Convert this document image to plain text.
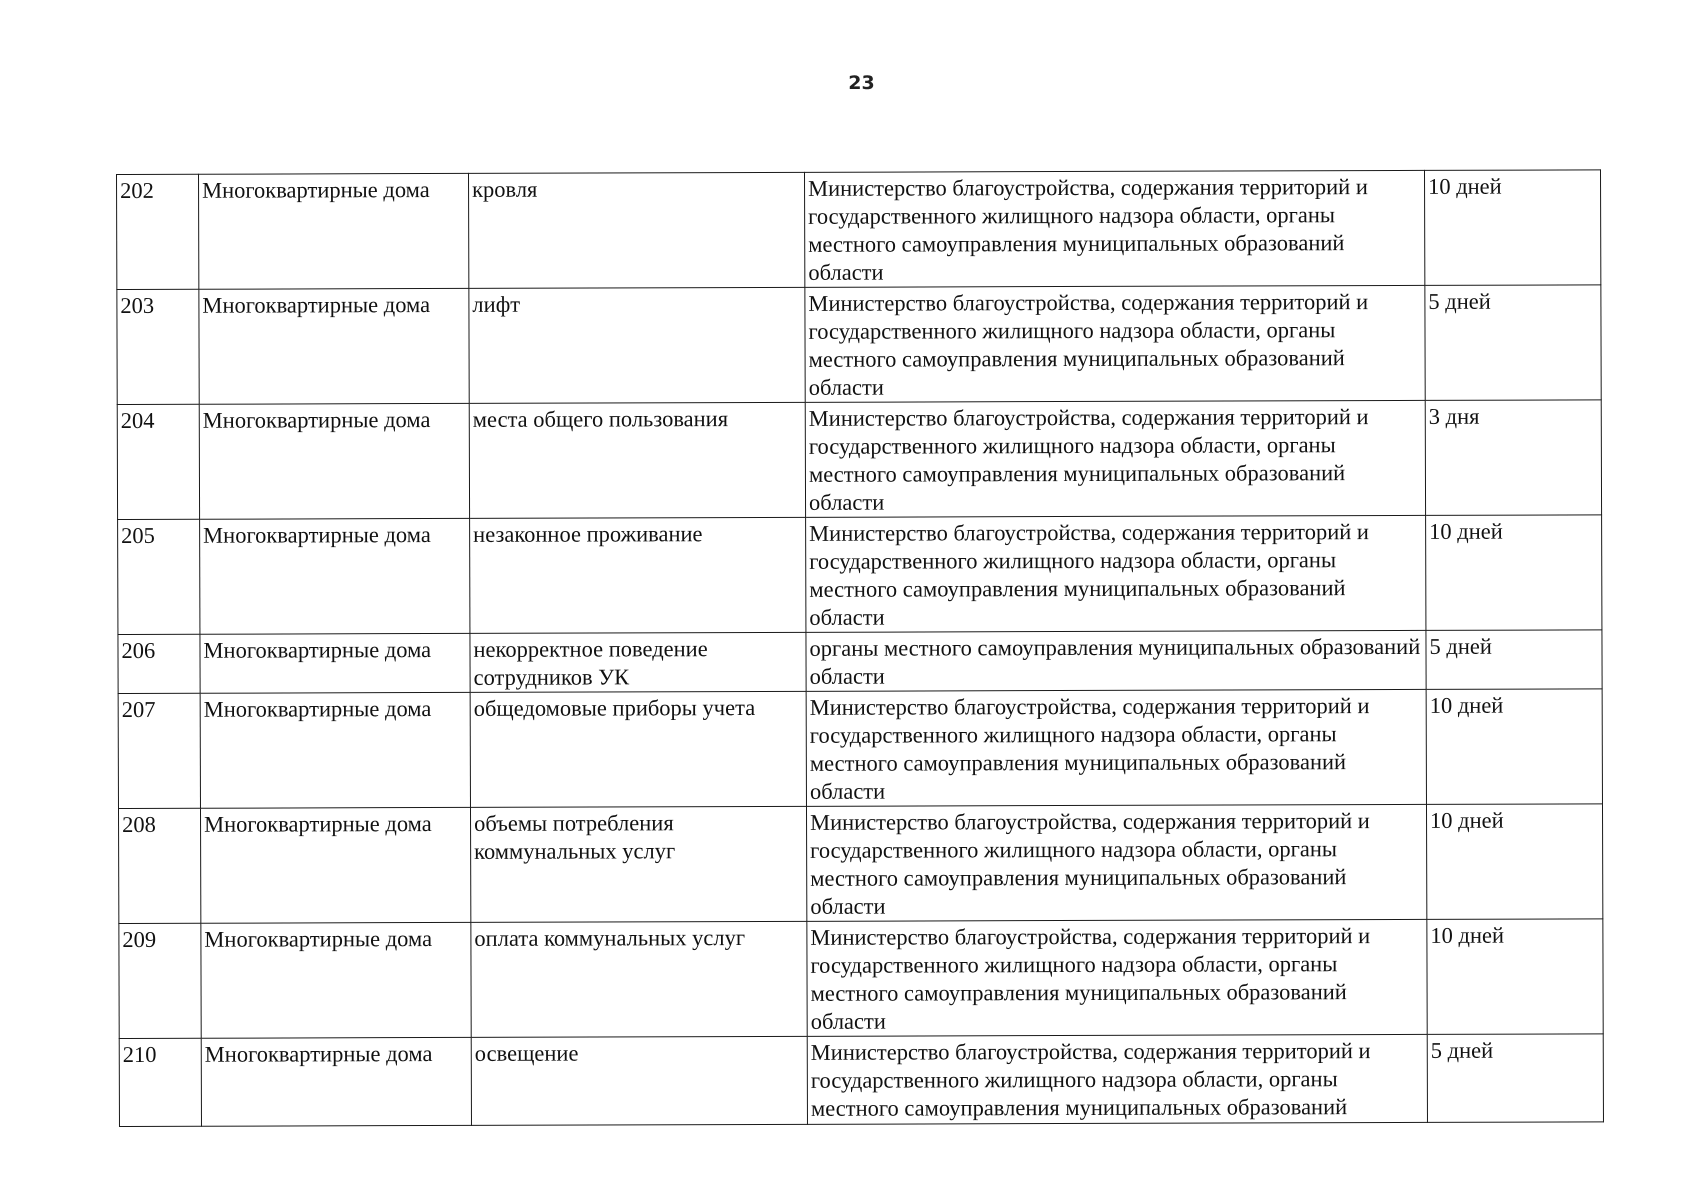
23
202	Многоквартирные дома	кровля	Министерство благоустройства, содержания территорий и государственного жилищного надзора области, органы местного самоуправления муниципальных образований области	10 дней
203	Многоквартирные дома	лифт	Министерство благоустройства, содержания территорий и государственного жилищного надзора области, органы местного самоуправления муниципальных образований области	5 дней
204	Многоквартирные дома	места общего пользования	Министерство благоустройства, содержания территорий и государственного жилищного надзора области, органы местного самоуправления муниципальных образований области	3 дня
205	Многоквартирные дома	незаконное проживание	Министерство благоустройства, содержания территорий и государственного жилищного надзора области, органы местного самоуправления муниципальных образований области	10 дней
206	Многоквартирные дома	некорректное поведение сотрудников УК	органы местного самоуправления муниципальных образований области	5 дней
207	Многоквартирные дома	общедомовые приборы учета	Министерство благоустройства, содержания территорий и государственного жилищного надзора области, органы местного самоуправления муниципальных образований области	10 дней
208	Многоквартирные дома	объемы потребления коммунальных услуг	Министерство благоустройства, содержания территорий и государственного жилищного надзора области, органы местного самоуправления муниципальных образований области	10 дней
209	Многоквартирные дома	оплата коммунальных услуг	Министерство благоустройства, содержания территорий и государственного жилищного надзора области, органы местного самоуправления муниципальных образований области	10 дней
210	Многоквартирные дома	освещение	Министерство благоустройства, содержания территорий и государственного жилищного надзора области, органы местного самоуправления муниципальных образований	5 дней
